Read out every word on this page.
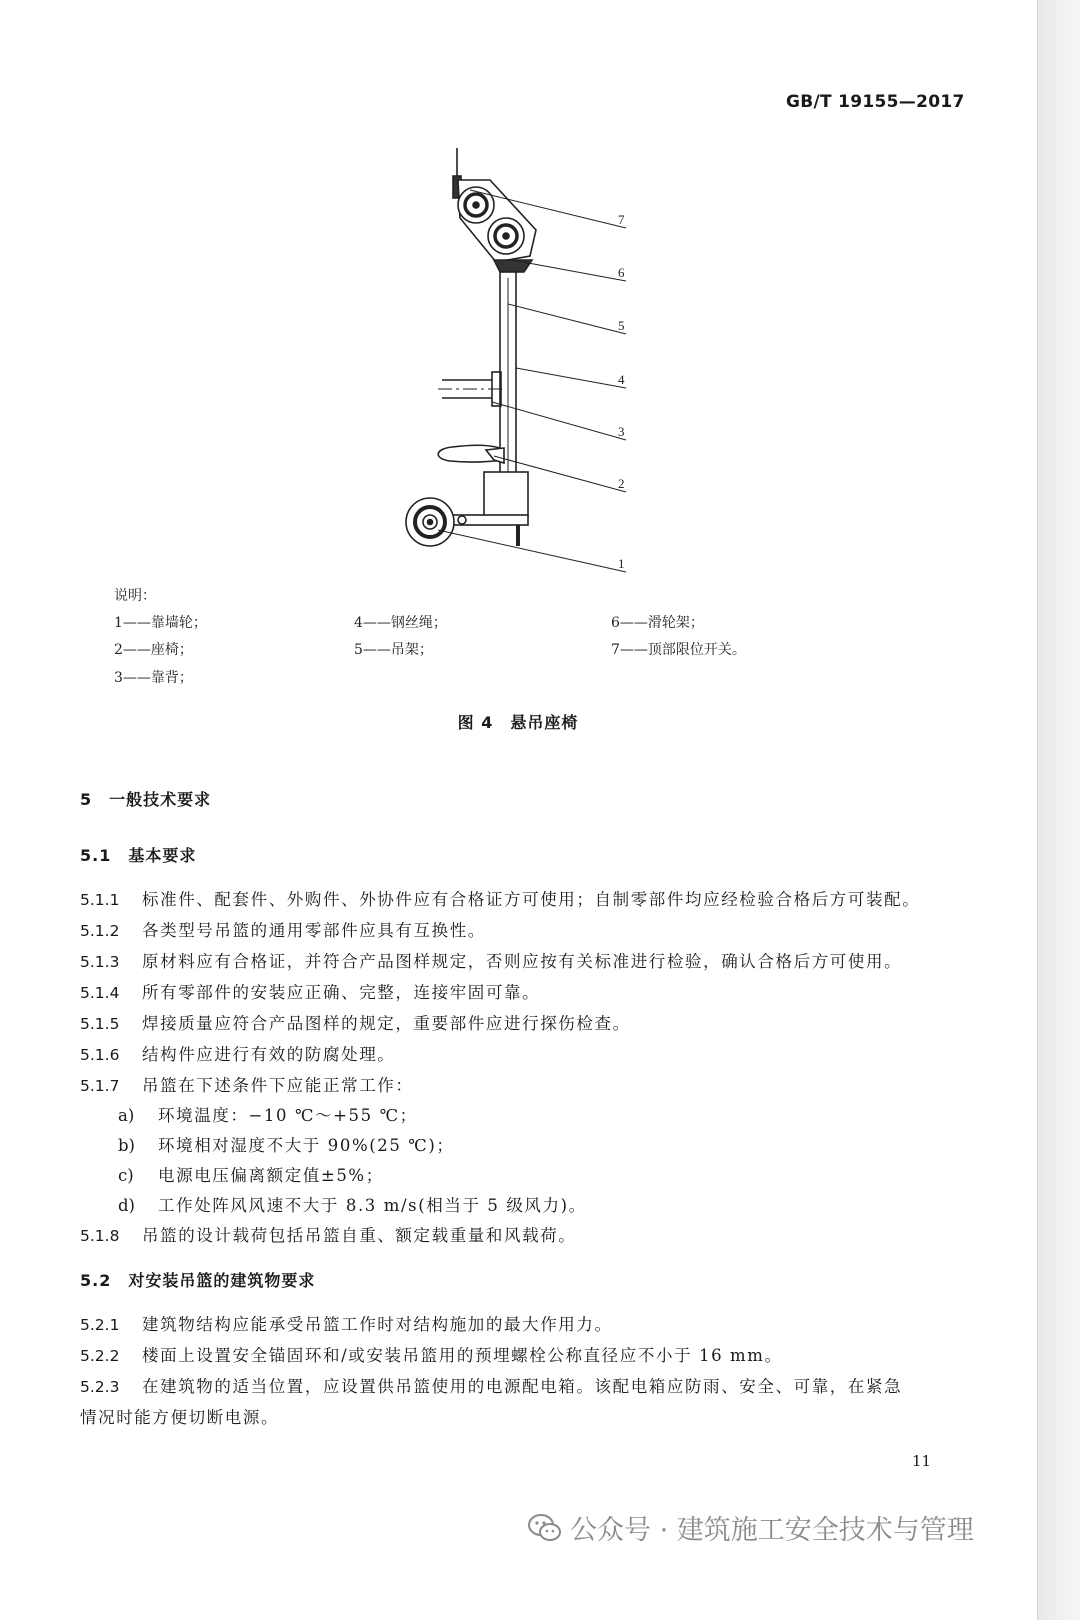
GB/T 19155—2017
7
6
5
4
3
2
1
说明：
1——靠墙轮；
2——座椅；
3——靠背；
4——钢丝绳；
5——吊架；
6——滑轮架；
7——顶部限位开关。
图 4　悬吊座椅
5　一般技术要求
5.1　基本要求
5.1.1 标准件、配套件、外购件、外协件应有合格证方可使用；自制零部件均应经检验合格后方可装配。
5.1.2 各类型号吊篮的通用零部件应具有互换性。
5.1.3 原材料应有合格证，并符合产品图样规定，否则应按有关标准进行检验，确认合格后方可使用。
5.1.4 所有零部件的安装应正确、完整，连接牢固可靠。
5.1.5 焊接质量应符合产品图样的规定，重要部件应进行探伤检查。
5.1.6 结构件应进行有效的防腐处理。
5.1.7 吊篮在下述条件下应能正常工作：
a) 环境温度：−10 ℃～+55 ℃；
b) 环境相对湿度不大于 90%(25 ℃)；
c) 电源电压偏离额定值±5%；
d) 工作处阵风风速不大于 8.3 m/s(相当于 5 级风力)。
5.1.8 吊篮的设计载荷包括吊篮自重、额定载重量和风载荷。
5.2　对安装吊篮的建筑物要求
5.2.1 建筑物结构应能承受吊篮工作时对结构施加的最大作用力。
5.2.2 楼面上设置安全锚固环和/或安装吊篮用的预埋螺栓公称直径应不小于 16 mm。
5.2.3 在建筑物的适当位置，应设置供吊篮使用的电源配电箱。该配电箱应防雨、安全、可靠，在紧急
情况时能方便切断电源。
11
公众号 · 建筑施工安全技术与管理
